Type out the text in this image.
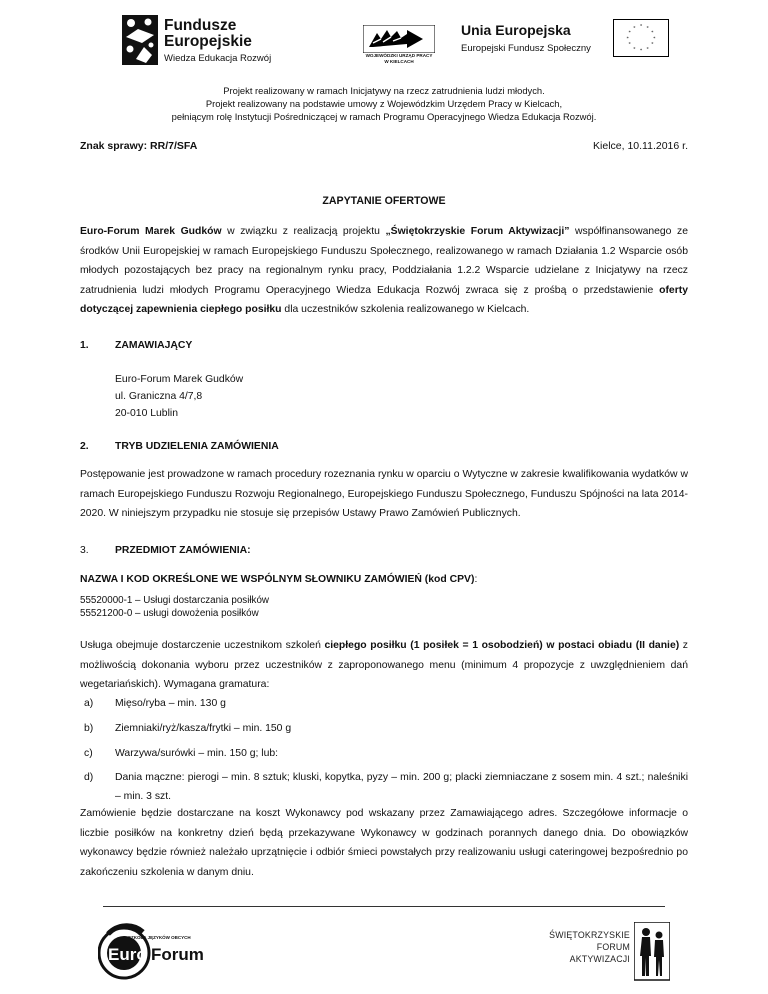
Fundusze
Europejskie
Wiedza Edukacja Rozwój	WOJEWÓDZKI URZĄD PRACY W KIELCACH
Unia Europejska
Europejski Fundusz Społeczny
* *
*
*
*
*
*
*
*
*
*
*
Projekt realizowany w ramach Inicjatywy na rzecz zatrudnienia ludzi młodych.
Projekt realizowany na podstawie umowy z Wojewódzkim Urzędem Pracy w Kielcach,
pełniącym rolę Instytucji Pośredniczącej w ramach Programu Operacyjnego Wiedza Edukacja Rozwój.
Znak sprawy: RR/7/SFA	Kielce, 10.11.2016 r.
ZAPYTANIE OFERTOWE

Euro-Forum Marek Gudków w związku z realizacją projektu „Świętokrzyskie Forum Aktywizacji” współfinansowanego ze środków Unii Europejskiej w ramach Europejskiego Funduszu Społecznego, realizowanego w ramach Działania 1.2 Wsparcie osób młodych pozostających bez pracy na regionalnym rynku pracy, Poddziałania 1.2.2 Wsparcie udzielane z Inicjatywy na rzecz zatrudnienia ludzi młodych Programu Operacyjnego Wiedza Edukacja Rozwój zwraca się z prośbą o przedstawienie oferty dotyczącej zapewnienia ciepłego posiłku dla uczestników szkolenia realizowanego w Kielcach.

1.	ZAMAWIAJĄCY
Euro-Forum Marek Gudków
ul. Graniczna 4/7,8
20-010 Lublin
2.	TRYB UDZIELENIA ZAMÓWIENIA

Postępowanie jest prowadzone w ramach procedury rozeznania rynku w oparciu o Wytyczne w zakresie kwalifikowania wydatków w ramach Europejskiego Funduszu Rozwoju Regionalnego, Europejskiego Funduszu Społecznego, Funduszu Spójności na lata 2014-2020. W niniejszym przypadku nie stosuje się przepisów Ustawy Prawo Zamówień Publicznych.

3.	PRZEDMIOT ZAMÓWIENIA:
NAZWA I KOD OKREŚLONE WE WSPÓLNYM SŁOWNIKU ZAMÓWIEŃ (kod CPV):
55520000-1 – Usługi dostarczania posiłków
55521200-0 – usługi dowożenia posiłków

Usługa obejmuje dostarczenie uczestnikom szkoleń ciepłego posiłku (1 posiłek = 1 osobodzień) w postaci obiadu (II danie) z możliwością dokonania wyboru przez uczestników z zaproponowanego menu (minimum 4 propozycje z uwzględnieniem dań wegetariańskich). Wymagana gramatura:

a) Mięso/ryba – min. 130 g
b) Ziemniaki/ryż/kasza/frytki – min. 150 g
c) Warzywa/surówki – min. 150 g; lub:
d) Dania mączne: pierogi – min. 8 sztuk; kluski, kopytka, pyzy – min. 200 g; placki ziemniaczane z sosem min. 4 szt.; naleśniki – min. 3 szt.

Zamówienie będzie dostarczane na koszt Wykonawcy pod wskazany przez Zamawiającego adres. Szczegółowe informacje o liczbie posiłków na konkretny dzień będą przekazywane Wykonawcy w godzinach porannych danego dnia. Do obowiązków wykonawcy będzie również należało uprzątnięcie i odbiór śmieci powstałych przy realizowaniu usługi cateringowej bezpośrednio po zakończeniu szkolenia w danym dniu.

SZKOŁA JĘZYKÓW OBCYCH
Euro Forum
ŚWIĘTOKRZYSKIE
FORUM
AKTYWIZACJI
